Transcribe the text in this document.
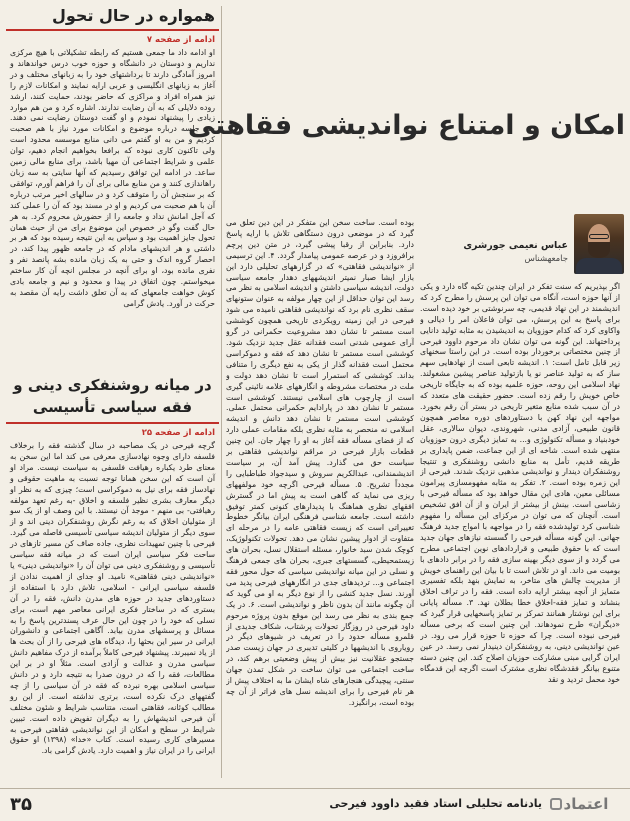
همواره در حال تحول
ادامه از صفحه ۷
او ادامه داد ما جمعی هستیم که رابطه تشکیلاتی با هیچ مرکزی نداریم و دوستان در دانشگاه و حوزه خوب درس خواندهاند و امروز آمادگی دارند تا برداشتهای خود را به زبانهای مختلف و در آغاز به زبانهای انگلیسی و عربی ارایه نمایند و امکانات لازم را نیز همراه افراد و مراکزی که حاضر بودند، حمایت کنند، ارشد روده دلایلی که به آن رضایت ندارند. اشاره کرد و من هم موارد زیادی را پیشنهاد نمودم و او گفت دوستان رضایت نمی دهند. چند جلسه درباره موضوع و امکانات مورد نیاز با هم صحبت کردیم و من به او گفتم می دانی منابع موسسه محدود است ولی تاکنون کاری نبوده که برافعا بخواهیم انجام دهیم، توان علمی و شرایط اجتماعی آن مهیا باشد، برای منابع مالی زمین ساعد. در ادامه این توافق رسیدیم که آنها سایتی به سه زبان راهاندازی کنند و من منابع مالی برای آن را فراهم آورم، توافقی که بر سنجش آن را متوقف کرد و در سالهای اخیر مرتب درباره آن با هم صحبت می کردیم و او در مسند بود که آن را عملی کند که آجل امانش نداد و جامعه را از حضورش محروم کرد. به هر حال گفت وگو در خصوص این موضوع برای من از حیث همان تحول جایز اهمیت بود و سپاس به این نتیجه رسیده بود که هر بر داشتی و هر اندیشهای مادام که در جامعه ظهور پیدا کند، در احصار گروه اندک و حتی به یک زبان مانده بشه پانصد نفر و نفری مانده بود، او برای آنچه در مجلس انچه آن کار ساختم میخواستم. چون اتفاق در پیدا و محدود و نیم و جامعه بادی کوش خواهت جامعهای که به آن تعلق داشت رایه آن مقصد به حرکت در آورد. یادش گرامی
در میانه روشنفکری دینی و فقه سیاسی تأسیسی
ادامه از صفحه ۲۵
گرچه فیرحی در یک مصاحبه در سال گذشته فقه را برخلاف فلسفه دارای وجوه نهادسازی معرفی می کند اما این سخن به معنای طرد یکباره رهیافت فلسفی به سیاست نیست. مراد او آن است که این سخن همانا توجه نسبت به ماهیت حقوقی و نهادساز فقه برای نیل به دموکراسی است؛ چیزی که به نظر او دیگر معارف بشری نظیر فلسفه و اخلاق -به رغم تعهد مولفه رهیافتی- بی منهم - موجد آن نیستند. با این وصف او از یک سو از متولیان اخلاق که به رغم نگرش روشنفکران دینی اند و از سوی دیگر از متولیان اندیشه سیاسی تأسیسی فاصله می گیرد. فیرحی با چنین تمهیدات نظری، جاده صاف کن مسیر تازهای در ساحت فکر سیاسی ایران است که در میانه فقه سیاسی تأسیسی و روشنفکری دینی می توان آن را «نواندیشی دینی» یا «نواندیشی دینی فقاهتی» نامید. او جدای از اهمیت ندادن از فلسفه سیاسی ایرانی - اسلامی، تلاش دارد با استفاده از دستاوردهای جدید در حوزه های مدرن دانش، فقه را در آن بستری که در ساختار فکری ایرانی معاصر مهم است، برای نسلی که خود را در چون این حال عرف پسندترین پاسخ را به مسائل و پرسشهای مدرن بیابد. آگاهی اجتماعی و دانشوران ایرانی در سیر این بحثها را، دیدگاه های فیرحی را از آن بحث ها از یاد نمیبرند. پیشنهاد فیرحی کاملاً برآمده از درک مفاهیم دانش سیاسی مدرن و عدالت و آزادی است. مثلاً او در بر این مطالعات، فقه را که در درون صدرا به نتیجه دارد و در دانش سیاسی اسلامی بهره نبرده که فقه در آن سیاسی را از چه گفتههای درک نکرده است، برتری نداشته است. از این رو مطالب کوئانه، فقاهتی است، متناسب شرایط و شئون مختلف آن فیرحی اندیشهاش را به دیگران تفویض داده است. تبیین شرایط در سطح و امکان از این نواندیشی فقاهتی فیرحی به مسیرهای کاری رسیده است. کتاب «خدا» (۱۳۹۸) او حقوق ایرانی را در ایران نیاز و اهمیت دارد. یادش گرامی باد.
امکان و امتناع نواندیشی فقاهتی
عباس نعیمی جورشری
جامعهشناس

اگر بپذیریم که سنت تفکر در ایران چندین تکیه گاه دارد و یکی از آنها حوزه است، آنگاه می توان این پرسش را مطرح کرد که اندیشمند در این نهاد قدیمی، چه سرنوشتی بر خود دیده است. برای پاسخ به این پرسش، می توان فاعلان امر را دیالی و واکاوی کرد که کدام حوزویان به اندیشیدن به مثابه تولید دانایی پرداختهاند. این گونه می توان نشان داد مرحوم داوود فیرحی از چنین مختصاتی برخوردار بوده است. در این راستا سخنهای زیر قابل تامل است: ۱. اندیشه تابعی است از نهادهایی سهم ساز که به تولید عناصر نو یا بازتولید عناصر پیشین مشغولند. نهاد اسلامی این روحه، حوزه علمیه بوده که به جایگاه تاریخی خاص خویش را رقم زده است. حضور حقیقت های متعدد که در آن سبب شده منابع متغیر تاریخی در بستر آن رقم بخورد. مواجهه این نهاد کهن با دستاوردهای دوره معاصر همچون قانون طبیعی، آزادی مدنی، شهروندی، دیوان سالاری، عقل خودبنیاد و مسأله تکنولوژی و... به تمایز دیگری درون حوزویان منتهی شده است. شاخه ای از این جماعت، ضمن پایداری بر طریقه قدیم، تأمل به منابع دانشی روشنفکری و تنتیجا روشنفکران دیندار و نواندیشی مذهبی نزدیک شدند. فیرحی از این زمره بوده است. ۲. تفکر به مثابه مفهومسازی پیرامون مسائلی معین، هادی این مقال خواهد بود که مسأله فیرحی با زشاسی است. بینش از بیشتر از ایران و از آن افق تشخیص است. آنچنان که می توان در مرکزای این مسأله را مفهوم شناسی کرد تولیدشده فقه را در مواجهه با امواج جدید فرهنگ جهانی. این گونه مسأله فیرحی را گسسته نیازهای جهان جدید است که با حقوق طبیعی و قراردادهای نوین اجتماعی مطرح می گردد و از سوی دیگر بهینه سازی فقه را در برابر دادهای با بومیت می داند. او در تلاش است تا با بیان این راهنمای خویش از مدیریت چالش های متاخر، به نمایش بنهد بلکه تفسیری متمایز از آنچه بیشتر ارایه داده است. فقه را در تراف اخلاق بنشاند و تمایز فقه-اخلاق خطا بطلان نهد. ۳. مسأله پایانی برای این نوشتار همانند تمرکز بر تمایز پاسخهایی قرار گیرد که «دیگران» طرح نمودهاند. این چنین است که برخی مسأله فیرحی نبوده است. چرا که حوزه تا حوزه قرار می رود. در عین نواندیشی دینی، به روشنفکران دینیدار نمی رسد. در عین ایران گرایی مبنی مشارکت حوزیان اصلاح کند. این چنین دسته متنوع بیانگر فقدشگاه نظری مشترک است اگرچه این قدمگاه خود محمل تردید و نقد

بوده است. ساخت سخن این متفکر در این دین تعلق می گیرد که در موضعی درون دستگاهی تلاش با ارایه پاسخ دارد. بنابراین از رقبا پیشی گیرد، در متن دین پرچم برافروزد و در عرصه عمومی پیامدار گردد. ۴. این ترسیمی از «نواندیشی فقاهتی» که در گزارههای تحلیلی دارد این بازار ایشا صبار نمیتر اندیشههای دهدار جامعه سیاسی دولت، اندیشه سیاسی داشتن و اندیشه اسلامی به نظر می رسد این توان حداقل از این چهار مولفه به عنوان ستونهای سقف نظری نام برد که نواندیشی فقاهتی نامیده می شود فیرحی در این زمینه رویکردی تاریخی همچون کوششی است مستمر تا نشان دهد مشروعیت حکمرانی در گرو آرای عمومی شدنی است فقدانه عقل جدید نزدیک شود. کوششی است مستمر تا نشان دهد که فقه و دموکراسی محتمل است فقدانه گذار از یکی به نفع دیگری را متنافی بداند. کوششی که استمرار است تا نشان دهد دولت و ملت در مختصات مشروطه و انگارههای علامه نائینی گیری است از چارچوب های اسلامی نیستند. کوششی است مستمر تا نشان دهد در پارادایم حکمرانی محتمل عملی. کوششی است مستمر تا نشان دهد دانش و اندیشه اسلامی نه منحصر به مثابه نظری بلکه مقامات عملی دارد که از فضای مسأله فقه آغاز به او را چهار جان. این چنین قطعات بازار فیرحی در مراقم نواندیشی فقاهتی بر سیاست حق می گذارد. پیش آمد آن، بر سیاست اندیشمندانی، عبدالکریم سروش و سیدجواد طباطبایی را مجدداً تشریح. ۵. مسأله فیرحی اگرچه خود مولفههای ریزی می نماید که گاهی است به پیش اما در گسترش افقهای نظری هماهنگ با پدیدارهای کنونی کمتر توفیق داشته است. جامعه شناسی فرهنگی ایران بیانگر خطوط تغییراتی است که زیست فقاهتی عامه را در مرحله ای متفاوت از ادوار پیشین نشان می دهد. تحولات تکنولوژیک، کوچک شدن سبد خانوار، مسئله استقلال نسل، بحران های زیستمحیطی، گسستهای جبری، بحران های جمعی فرهنگ و نسلی در این میانه نواندیشی سیاسی که حول محور فقه اجتماعی و... تردیدهای جدی در انگارههای فیرحی پدید می آورند. نسل جدید کنشی را از نوع دیگر به او می گوید که آن چگونه مانند آن بدون ناظر و نواندیشی است. ۶. در یک جمع بندی به نظر می رسد این موقع بدون پروژه مرحوم داود فیرحی در روزگار تحولات پرشتاب، شکاف جدیدی از قلمرو مسأله حدود را در تعریف در شیوهای دیگر در رویاروی با اندیشهها در کلیتی تدیبری در جهان زیست صدر جستجو عقلانیت نیز بیش از پیش وضعیتی برهم کند، در ساخت اجتماعی می توان ساخت در شکل تمدن جهان سنتی، پیچیدگی هنجارهای شاه ایشان ما به اختلاف پیش از هر نام فیرحی را برای اندیشه نسل های فراتر از آن چه بوده است، برانگیزد.

۳۵	یادنامه تحلیلی استاد فقید داوود فیرحی	اعتماد
